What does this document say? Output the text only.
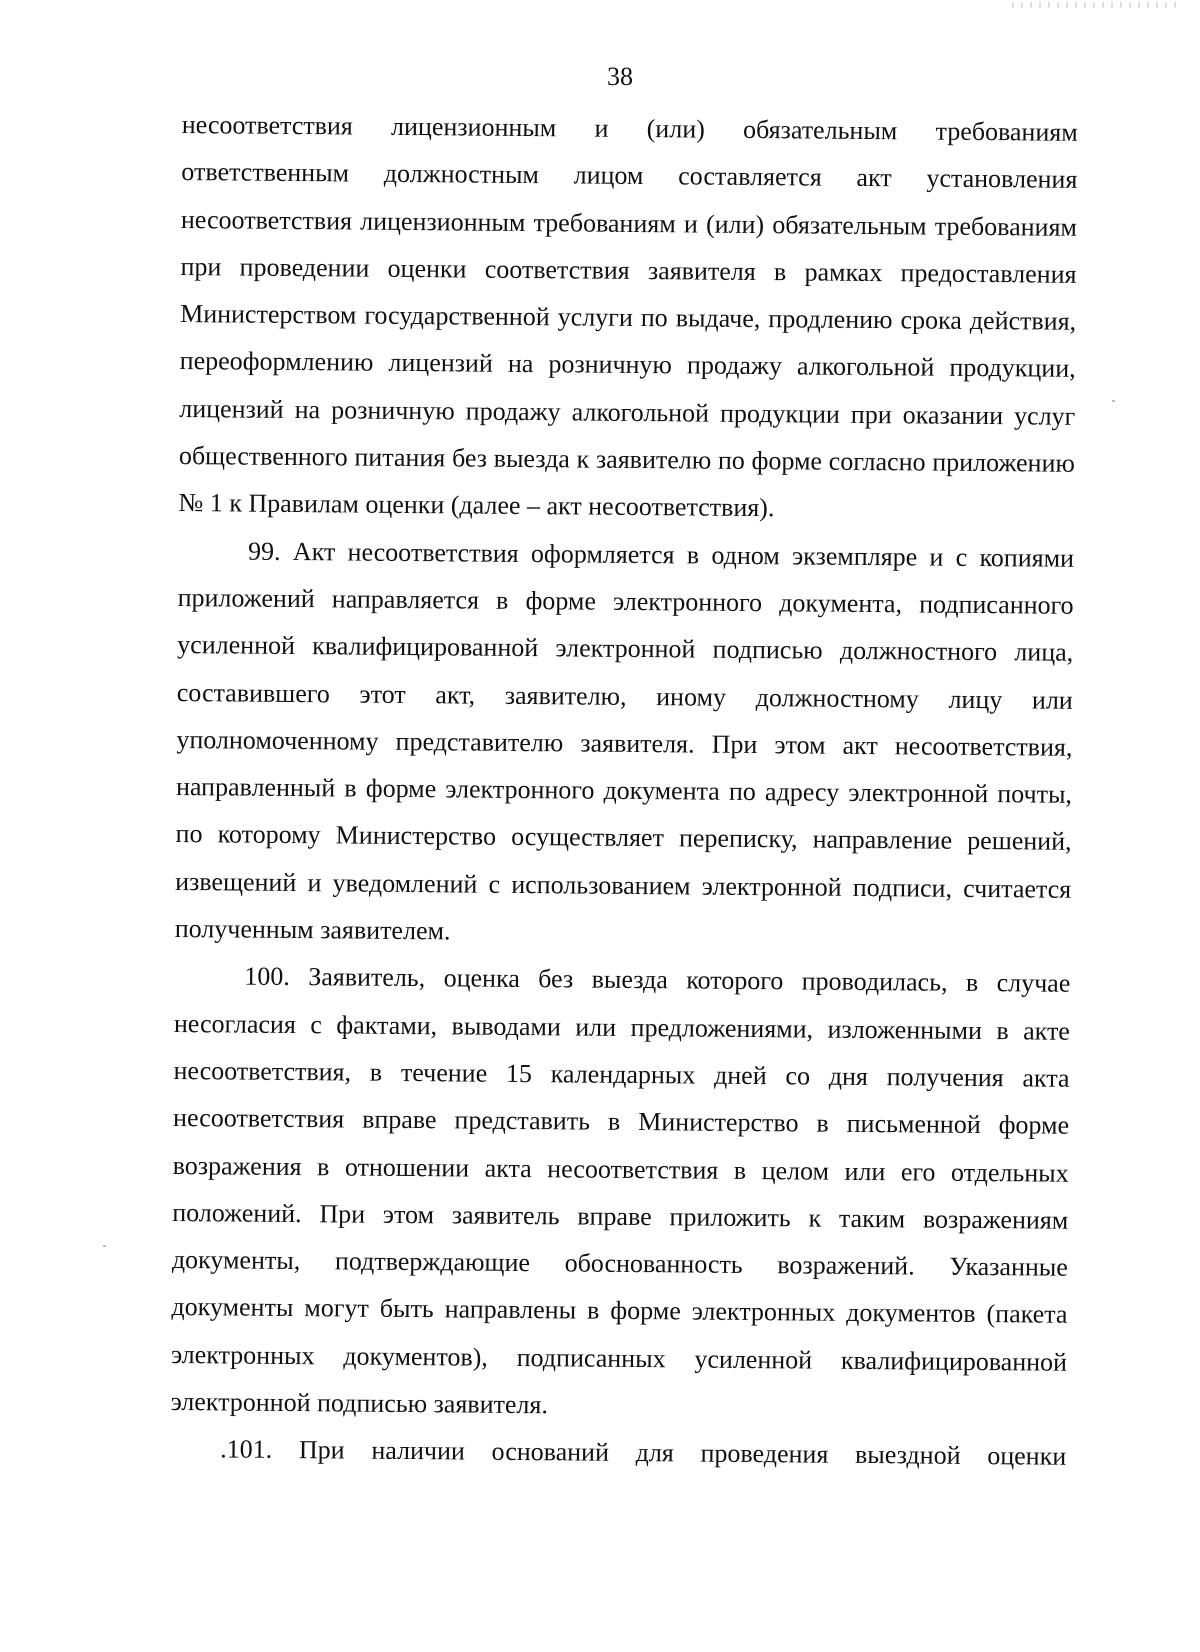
38

несоответствия лицензионным и (или) обязательным требованиям ответственным должностным лицом составляется акт установления несоответствия лицензионным требованиям и (или) обязательным требованиям при проведении оценки соответствия заявителя в рамках предоставления Министерством государственной услуги по выдаче, продлению срока действия, переоформлению лицензий на розничную продажу алкогольной продукции, лицензий на розничную продажу алкогольной продукции при оказании услуг общественного питания без выезда к заявителю по форме согласно приложению № 1 к Правилам оценки (далее – акт несоответствия).

99. Акт несоответствия оформляется в одном экземпляре и с копиями приложений направляется в форме электронного документа, подписанного усиленной квалифицированной электронной подписью должностного лица, составившего этот акт, заявителю, иному должностному лицу или уполномоченному представителю заявителя. При этом акт несоответствия, направленный в форме электронного документа по адресу электронной почты, по которому Министерство осуществляет переписку, направление решений, извещений и уведомлений с использованием электронной подписи, считается полученным заявителем.

100. Заявитель, оценка без выезда которого проводилась, в случае несогласия с фактами, выводами или предложениями, изложенными в акте несоответствия, в течение 15 календарных дней со дня получения акта несоответствия вправе представить в Министерство в письменной форме возражения в отношении акта несоответствия в целом или его отдельных положений. При этом заявитель вправе приложить к таким возражениям документы, подтверждающие обоснованность возражений. Указанные документы могут быть направлены в форме электронных документов (пакета электронных документов), подписанных усиленной квалифицированной электронной подписью заявителя.

.101. При наличии оснований для проведения выездной оценки
